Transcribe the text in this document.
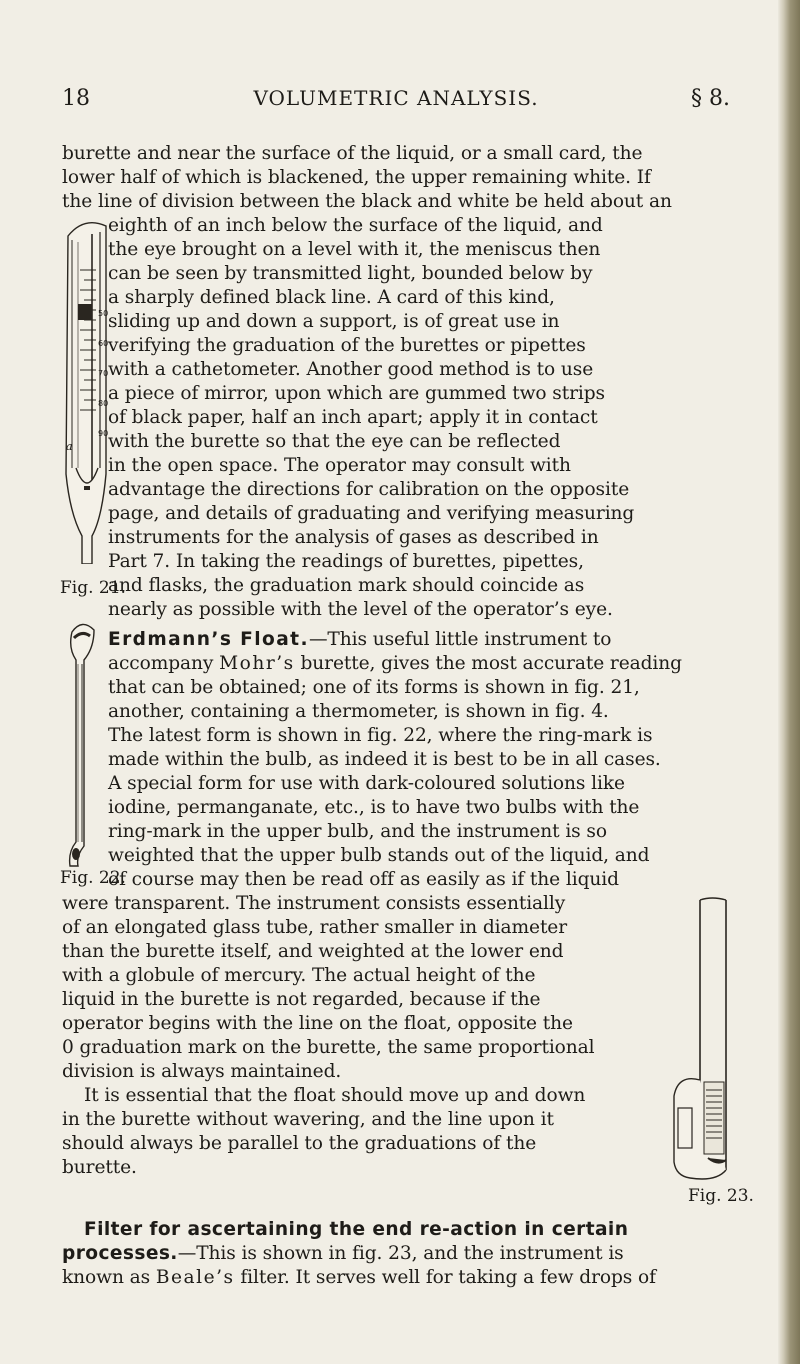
18	VOLUMETRIC ANALYSIS.	§ 8.
burette and near the surface of the liquid, or a small card, the
lower half of which is blackened, the upper remaining white. If
the line of division between the black and white be held about an
eighth of an inch below the surface of the liquid, and
the eye brought on a level with it, the meniscus then
can be seen by transmitted light, bounded below by
a sharply defined black line. A card of this kind,
sliding up and down a support, is of great use in
verifying the graduation of the burettes or pipettes
with a cathetometer. Another good method is to use
a piece of mirror, upon which are gummed two strips
of black paper, half an inch apart; apply it in contact
with the burette so that the eye can be reflected
in the open space. The operator may consult with
advantage the directions for calibration on the opposite
page, and details of graduating and verifying measuring
instruments for the analysis of gases as described in
Part 7. In taking the readings of burettes, pipettes,
and flasks, the graduation mark should coincide as
nearly as possible with the level of the operator’s eye.
50
60
70
80
90
a
Fig. 21.
Erdmann’s Float.—This useful little instrument to
accompany Mohr’s burette, gives the most accurate reading
that can be obtained; one of its forms is shown in fig. 21,
another, containing a thermometer, is shown in fig. 4.
The latest form is shown in fig. 22, where the ring-mark is
made within the bulb, as indeed it is best to be in all cases.
A special form for use with dark-coloured solutions like
iodine, permanganate, etc., is to have two bulbs with the
ring-mark in the upper bulb, and the instrument is so
weighted that the upper bulb stands out of the liquid, and
of course may then be read off as easily as if the liquid
were transparent. The instrument consists essentially
of an elongated glass tube, rather smaller in diameter
than the burette itself, and weighted at the lower end
with a globule of mercury. The actual height of the
liquid in the burette is not regarded, because if the
operator begins with the line on the float, opposite the
0 graduation mark on the burette, the same proportional
division is always maintained.
Fig. 22.
It is essential that the float should move up and down
in the burette without wavering, and the line upon it
should always be parallel to the graduations of the
burette.
Fig. 23.
Filter for ascertaining the end re-action in certain
processes.—This is shown in fig. 23, and the instrument is
known as Beale’s filter. It serves well for taking a few drops of
